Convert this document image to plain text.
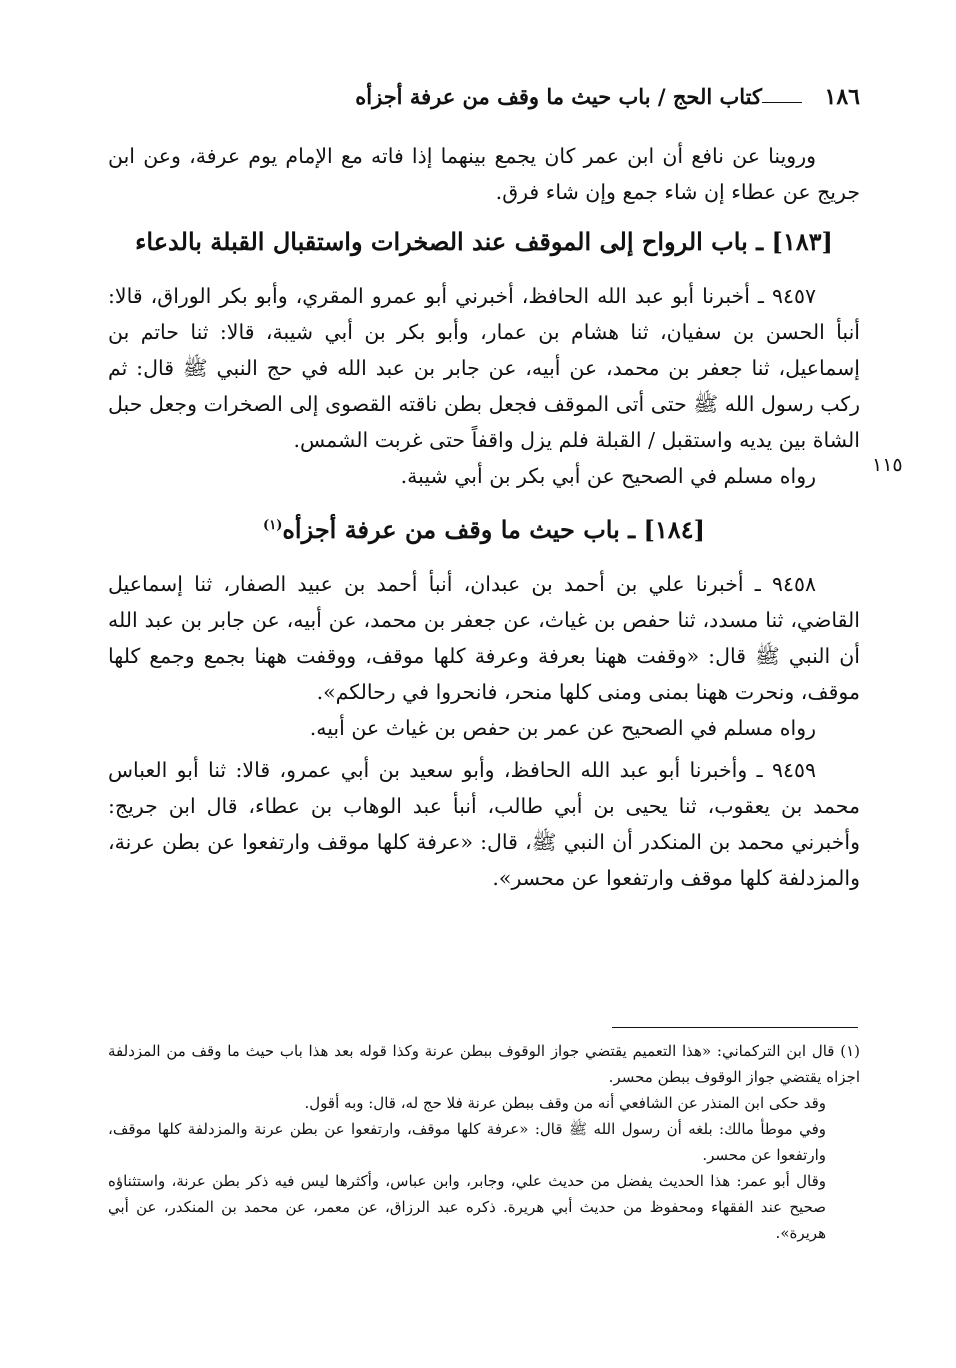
١٨٦
كتاب الحج / باب حيث ما وقف من عرفة أجزأه

وروينا عن نافع أن ابن عمر كان يجمع بينهما إذا فاته مع الإمام يوم عرفة، وعن ابن جريج عن عطاء إن شاء جمع وإن شاء فرق.

[١٨٣] ـ باب الرواح إلى الموقف عند الصخرات واستقبال القبلة بالدعاء

٩٤٥٧ ـ أخبرنا أبو عبد الله الحافظ، أخبرني أبو عمرو المقري، وأبو بكر الوراق، قالا: أنبأ الحسن بن سفيان، ثنا هشام بن عمار، وأبو بكر بن أبي شيبة، قالا: ثنا حاتم بن إسماعيل، ثنا جعفر بن محمد، عن أبيه، عن جابر بن عبد الله في حج النبي ﷺ قال: ثم ركب رسول الله ﷺ حتى أتى الموقف فجعل بطن ناقته القصوى إلى الصخرات وجعل حبل الشاة بين يديه واستقبل / القبلة فلم يزل واقفاً حتى غربت الشمس.

رواه مسلم في الصحيح عن أبي بكر بن أبي شيبة.

[١٨٤] ـ باب حيث ما وقف من عرفة أجزأه$^{(١)}$

٩٤٥٨ ـ أخبرنا علي بن أحمد بن عبدان، أنبأ أحمد بن عبيد الصفار، ثنا إسماعيل القاضي، ثنا مسدد، ثنا حفص بن غياث، عن جعفر بن محمد، عن أبيه، عن جابر بن عبد الله أن النبي ﷺ قال: «وقفت ههنا بعرفة وعرفة كلها موقف، ووقفت ههنا بجمع وجمع كلها موقف، ونحرت ههنا بمنى ومنى كلها منحر، فانحروا في رحالكم».

رواه مسلم في الصحيح عن عمر بن حفص بن غياث عن أبيه.

٩٤٥٩ ـ وأخبرنا أبو عبد الله الحافظ، وأبو سعيد بن أبي عمرو، قالا: ثنا أبو العباس محمد بن يعقوب، ثنا يحيى بن أبي طالب، أنبأ عبد الوهاب بن عطاء، قال ابن جريج: وأخبرني محمد بن المنكدر أن النبي ﷺ، قال: «عرفة كلها موقف وارتفعوا عن بطن عرنة، والمزدلفة كلها موقف وارتفعوا عن محسر».

١١٥

(١) قال ابن التركماني: «هذا التعميم يقتضي جواز الوقوف ببطن عرنة وكذا قوله بعد هذا باب حيث ما وقف من المزدلفة اجزاه يقتضي جواز الوقوف ببطن محسر.

وقد حكى ابن المنذر عن الشافعي أنه من وقف ببطن عرنة فلا حج له، قال: وبه أقول.

وفي موطأ مالك: بلغه أن رسول الله ﷺ قال: «عرفة كلها موقف، وارتفعوا عن بطن عرنة والمزدلفة كلها موقف، وارتفعوا عن محسر.

وقال أبو عمر: هذا الحديث يفضل من حديث علي، وجابر، وابن عباس، وأكثرها ليس فيه ذكر بطن عرنة، واستثناؤه صحيح عند الفقهاء ومحفوظ من حديث أبي هريرة. ذكره عبد الرزاق، عن معمر، عن محمد بن المنكدر، عن أبي هريرة».
